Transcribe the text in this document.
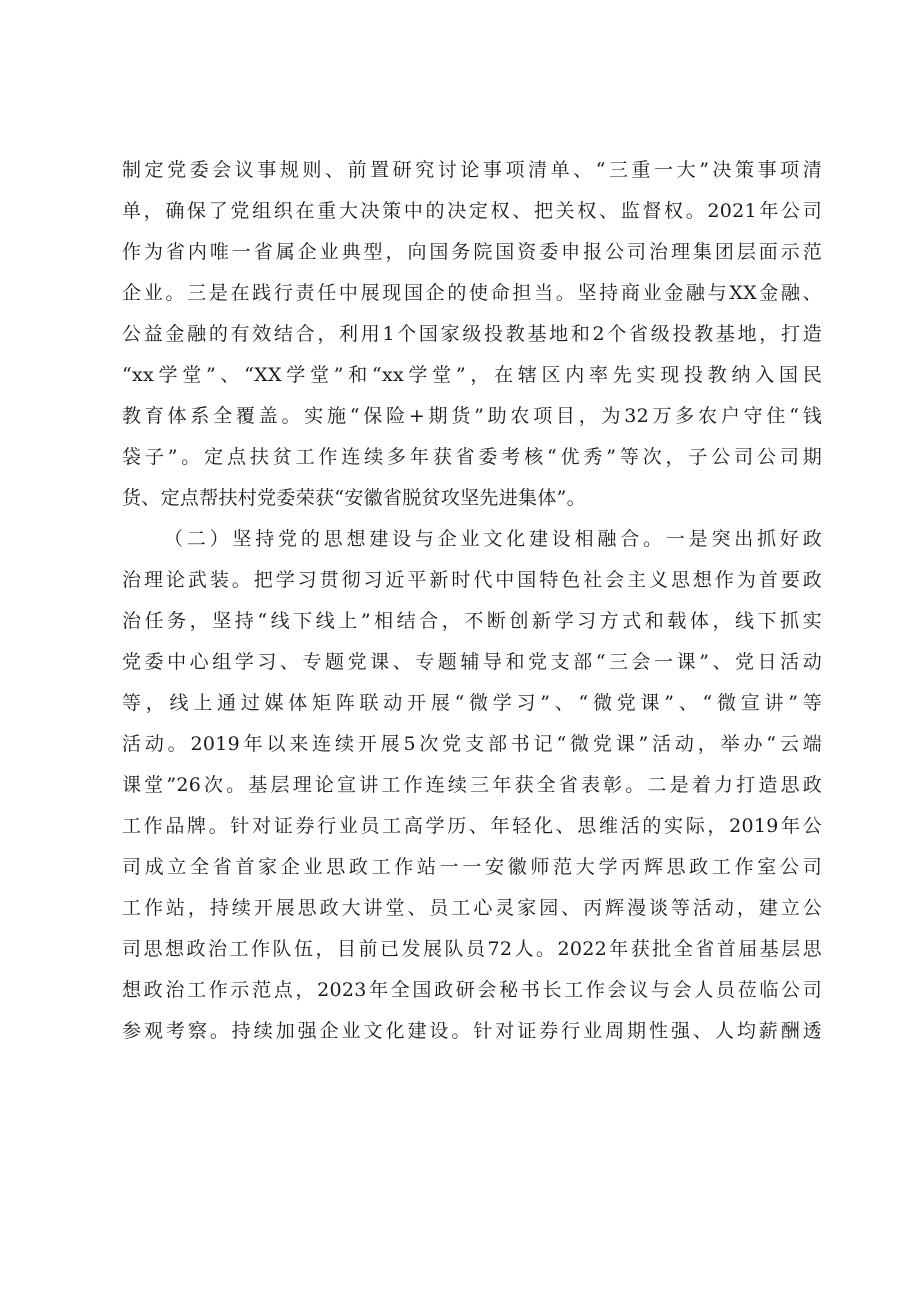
制定党委会议事规则、前置研究讨论事项清单、“三重一大”决策事项清
单，确保了党组织在重大决策中的决定权、把关权、监督权。2021年公司
作为省内唯一省属企业典型，向国务院国资委申报公司治理集团层面示范
企业。三是在践行责任中展现国企的使命担当。坚持商业金融与XX金融、
公益金融的有效结合，利用1个国家级投教基地和2个省级投教基地，打造
“xx学堂”、“XX学堂”和“xx学堂”，在辖区内率先实现投教纳入国民
教育体系全覆盖。实施“保险+期货”助农项目，为32万多农户守住“钱
袋子”。定点扶贫工作连续多年获省委考核“优秀”等次，子公司公司期
货、定点帮扶村党委荣获“安徽省脱贫攻坚先进集体”。
（二）坚持党的思想建设与企业文化建设相融合。一是突出抓好政
治理论武装。把学习贯彻习近平新时代中国特色社会主义思想作为首要政
治任务，坚持“线下线上”相结合，不断创新学习方式和载体，线下抓实
党委中心组学习、专题党课、专题辅导和党支部“三会一课”、党日活动
等，线上通过媒体矩阵联动开展“微学习”、“微党课”、“微宣讲”等
活动。2019年以来连续开展5次党支部书记“微党课”活动，举办“云端
课堂”26次。基层理论宣讲工作连续三年获全省表彰。二是着力打造思政
工作品牌。针对证券行业员工高学历、年轻化、思维活的实际，2019年公
司成立全省首家企业思政工作站一一安徽师范大学丙辉思政工作室公司
工作站，持续开展思政大讲堂、员工心灵家园、丙辉漫谈等活动，建立公
司思想政治工作队伍，目前已发展队员72人。2022年获批全省首届基层思
想政治工作示范点，2023年全国政研会秘书长工作会议与会人员莅临公司
参观考察。持续加强企业文化建设。针对证券行业周期性强、人均薪酬透
